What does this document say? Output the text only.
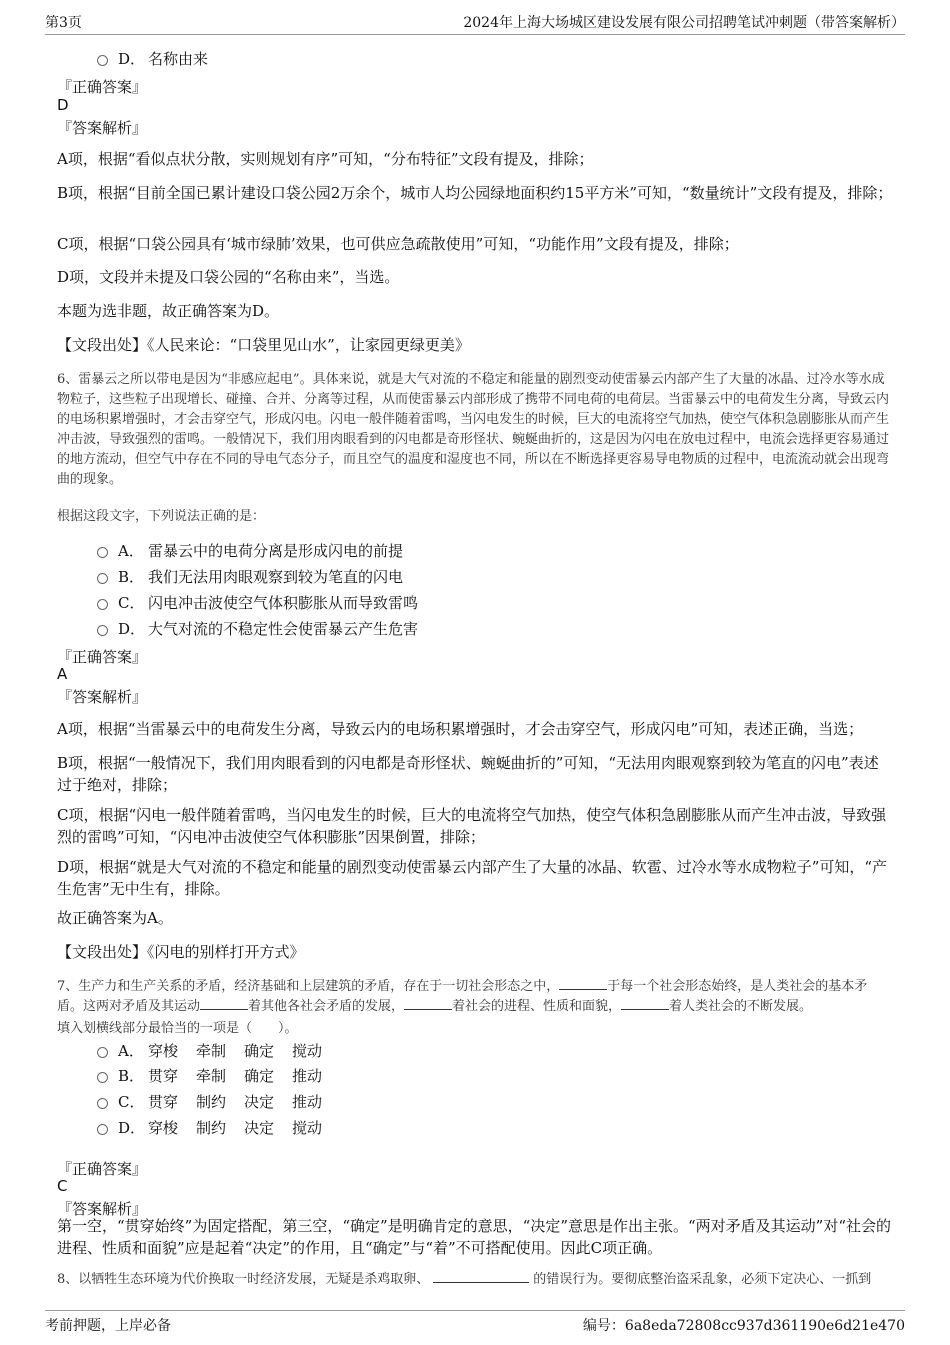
第3页	2024年上海大场城区建设发展有限公司招聘笔试冲刺题（带答案解析）
D． 名称由来
『正确答案』
D
『答案解析』
A项，根据“看似点状分散，实则规划有序”可知，“分布特征”文段有提及，排除；
B项，根据“目前全国已累计建设口袋公园2万余个，城市人均公园绿地面积约15平方米”可知，“数量统计”文段有提及，排除；
C项，根据“口袋公园具有‘城市绿肺’效果，也可供应急疏散使用”可知，“功能作用”文段有提及，排除；
D项，文段并未提及口袋公园的“名称由来”，当选。
本题为选非题，故正确答案为D。
【文段出处】《人民来论：“口袋里见山水”，让家园更绿更美》
6、雷暴云之所以带电是因为“非感应起电”。具体来说，就是大气对流的不稳定和能量的剧烈变动使雷暴云内部产生了大量的冰晶、过冷水等水成物粒子，这些粒子出现增长、碰撞、合并、分离等过程，从而使雷暴云内部形成了携带不同电荷的电荷层。当雷暴云中的电荷发生分离，导致云内的电场积累增强时，才会击穿空气，形成闪电。闪电一般伴随着雷鸣，当闪电发生的时候，巨大的电流将空气加热，使空气体积急剧膨胀从而产生冲击波，导致强烈的雷鸣。一般情况下，我们用肉眼看到的闪电都是奇形怪状、蜿蜒曲折的，这是因为闪电在放电过程中，电流会选择更容易通过的地方流动，但空气中存在不同的导电气态分子，而且空气的温度和湿度也不同，所以在不断选择更容易导电物质的过程中，电流流动就会出现弯曲的现象。
根据这段文字，下列说法正确的是：
A． 雷暴云中的电荷分离是形成闪电的前提
B． 我们无法用肉眼观察到较为笔直的闪电
C． 闪电冲击波使空气体积膨胀从而导致雷鸣
D． 大气对流的不稳定性会使雷暴云产生危害
『正确答案』
A
『答案解析』
A项，根据“当雷暴云中的电荷发生分离，导致云内的电场积累增强时，才会击穿空气，形成闪电”可知，表述正确，当选；
B项，根据“一般情况下，我们用肉眼看到的闪电都是奇形怪状、蜿蜒曲折的”可知，“无法用肉眼观察到较为笔直的闪电”表述过于绝对，排除；
C项，根据“闪电一般伴随着雷鸣，当闪电发生的时候，巨大的电流将空气加热，使空气体积急剧膨胀从而产生冲击波，导致强烈的雷鸣”可知，“闪电冲击波使空气体积膨胀”因果倒置，排除；
D项，根据“就是大气对流的不稳定和能量的剧烈变动使雷暴云内部产生了大量的冰晶、软雹、过冷水等水成物粒子”可知，“产生危害”无中生有，排除。
故正确答案为A。
【文段出处】《闪电的别样打开方式》
7、生产力和生产关系的矛盾，经济基础和上层建筑的矛盾，存在于一切社会形态之中，	于每一个社会形态始终，是人类社会的基本矛盾。这两对矛盾及其运动	着其他各社会矛盾的发展，	着社会的进程、性质和面貌，	着人类社会的不断发展。
填入划横线部分最恰当的一项是（　　）。
A． 穿梭 牵制 确定 搅动
B． 贯穿 牵制 确定 推动
C． 贯穿 制约 决定 推动
D． 穿梭 制约 决定 搅动
『正确答案』
C
『答案解析』
第一空，“贯穿始终”为固定搭配，第三空，“确定”是明确肯定的意思，“决定”意思是作出主张。“两对矛盾及其运动”对“社会的进程、性质和面貌”应是起着“决定”的作用，且“确定”与“着”不可搭配使用。因此C项正确。
8、以牺牲生态环境为代价换取一时经济发展，无疑是杀鸡取卵、	的错误行为。要彻底整治盗采乱象，必须下定决心、一抓到
考前押题，上岸必备	编号：6a8eda72808cc937d361190e6d21e470
